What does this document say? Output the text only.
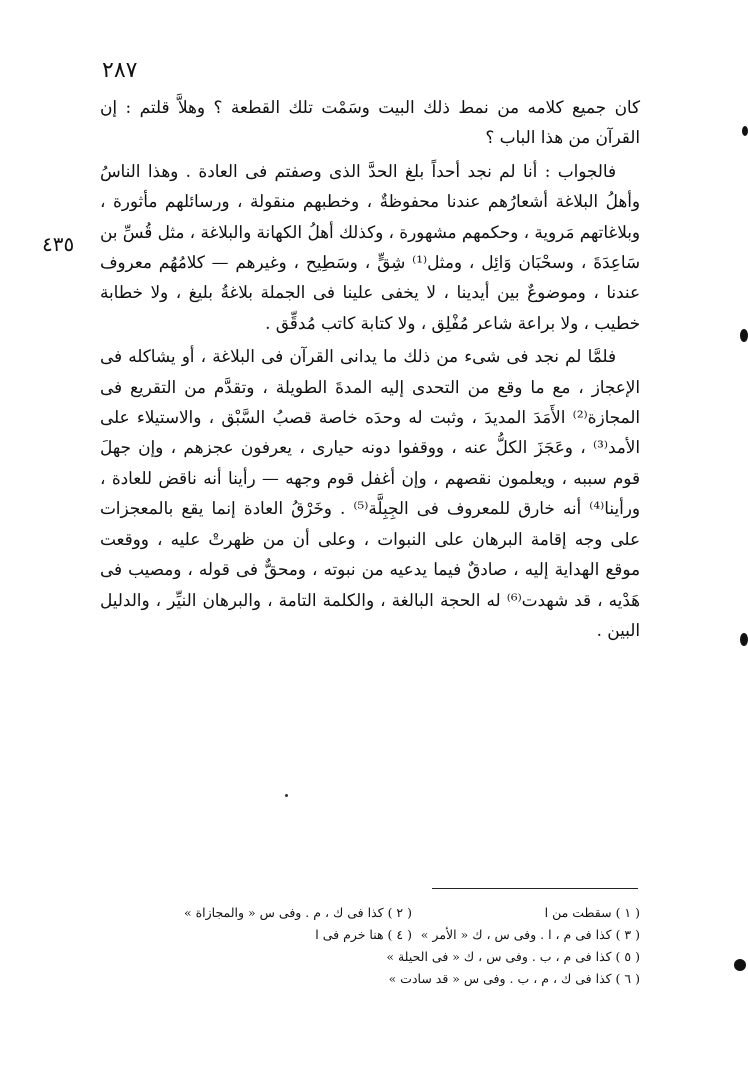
٢٨٧
٤٣٥

كان جميع كلامه من نمط ذلك البيت وسَمْت تلك القطعة ؟ وهلاَّ قلتم : إن القرآن من هذا الباب ؟

فالجواب : أنا لم نجد أحداً بلغ الحدَّ الذى وصفتم فى العادة . وهذا الناسُ وأهلُ البلاغة أشعارُهم عندنا محفوظةٌ ، وخطبهم منقولة ، ورسائلهم مأثورة ، وبلاغاتهم مَروية ، وحكمهم مشهورة ، وكذلك أهلُ الكهانة والبلاغة ، مثل قُسِّ بن سَاعِدَةَ ، وسحْبَان وَائِل ، ومثل⁽¹⁾ شِقٍّ ، وسَطِيح ، وغيرهم — كلامُهُم معروف عندنا ، وموضوعٌ بين أيدينا ، لا يخفى علينا فى الجملة بلاغةُ بليغ ، ولا خطابة خطيب ، ولا براعة شاعر مُفْلِق ، ولا كتابة كاتب مُدقِّق .

فلمَّا لم نجد فى شىء من ذلك ما يدانى القرآن فى البلاغة ، أو يشاكله فى الإعجاز ، مع ما وقع من التحدى إليه المدةَ الطويلة ، وتقدَّم من التقريع فى المجازة⁽²⁾ الأَمَدَ المديدَ ، وثبت له وحدَه خاصة قصبُ السَّبْق ، والاستيلاء على الأمد⁽³⁾ ، وعَجَزَ الكلُّ عنه ، ووقفوا دونه حيارى ، يعرفون عجزهم ، وإن جهلَ قوم سببه ، ويعلمون نقصهم ، وإن أغفل قوم وجهه — رأينا أنه ناقض للعادة ، ورأينا⁽⁴⁾ أنه خارق للمعروف فى الجِبِلَّة⁽⁵⁾ . وخَرْقُ العادة إنما يقع بالمعجزات على وجه إقامة البرهان على النبوات ، وعلى أن من ظهرتْ عليه ، ووقعت موقع الهداية إليه ، صادقٌ فيما يدعيه من نبوته ، ومحقٌّ فى قوله ، ومصيب فى هَدْيه ، قد شهدت⁽⁶⁾ له الحجة البالغة ، والكلمة التامة ، والبرهان النيِّر ، والدليل البين .

( ١ ) سقطت من ا
( ٢ ) كذا فى ك ، م . وفى س « والمجازاة »
( ٣ ) كذا فى م ، ا . وفى س ، ك « الأمر »
( ٤ ) هنا خرم فى ا
( ٥ ) كذا فى م ، ب . وفى س ، ك « فى الحيلة »
( ٦ ) كذا فى ك ، م ، ب . وفى س « قد سادت »
